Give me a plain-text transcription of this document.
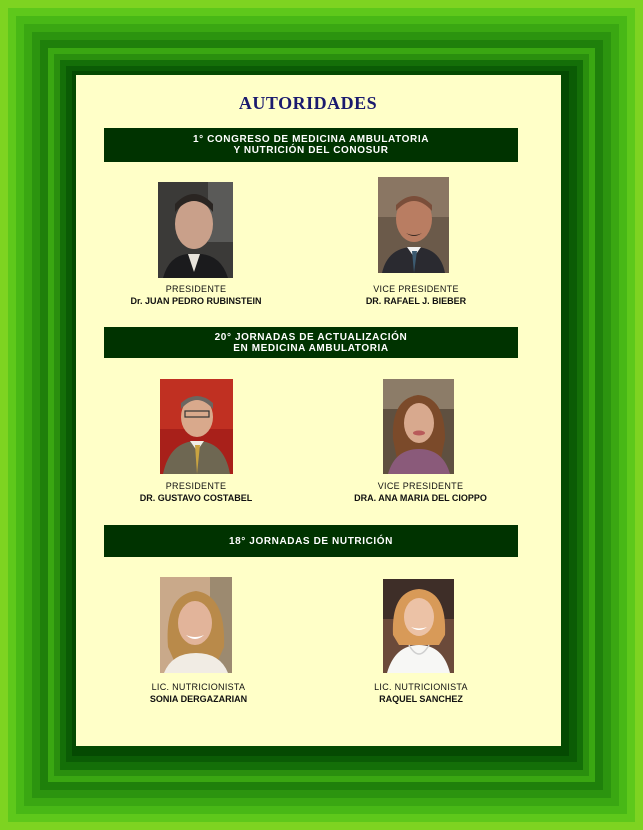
AUTORIDADES
1° CONGRESO DE MEDICINA AMBULATORIA
Y NUTRICIÓN DEL CONOSUR
PRESIDENTE
Dr. JUAN PEDRO RUBINSTEIN
VICE PRESIDENTE
DR. RAFAEL J. BIEBER
20° JORNADAS DE ACTUALIZACIÓN
EN MEDICINA AMBULATORIA
PRESIDENTE
DR. GUSTAVO COSTABEL
VICE PRESIDENTE
DRA. ANA MARIA DEL CIOPPO
18° JORNADAS DE NUTRICIÓN
LIC. NUTRICIONISTA
SONIA DERGAZARIAN
LIC. NUTRICIONISTA
RAQUEL SANCHEZ
